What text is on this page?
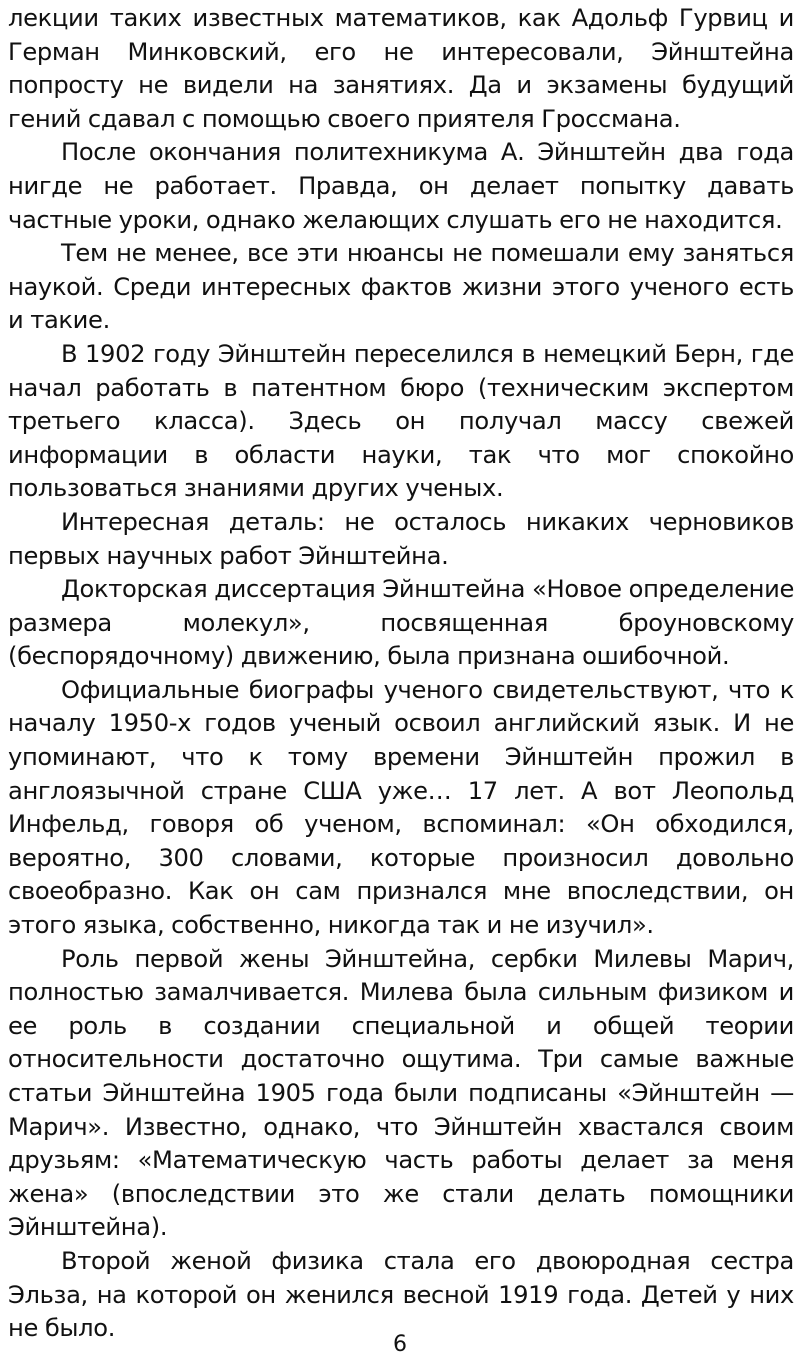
лекции таких известных математиков, как Адольф Гурвиц и Герман Минковский, его не интересовали, Эйнштейна попросту не видели на занятиях. Да и экзамены будущий гений сдавал с помощью своего приятеля Гроссмана.

После окончания политехникума А. Эйнштейн два года нигде не работает. Правда, он делает попытку давать частные уроки, однако желающих слушать его не находится.

Тем не менее, все эти нюансы не помешали ему заняться наукой. Среди интересных фактов жизни этого ученого есть и такие.

В 1902 году Эйнштейн переселился в немецкий Берн, где начал работать в патентном бюро (техническим экспертом третьего класса). Здесь он получал массу свежей информации в области науки, так что мог спокойно пользоваться знаниями других ученых.

Интересная деталь: не осталось никаких черновиков первых научных работ Эйнштейна.

Докторская диссертация Эйнштейна «Новое определение размера молекул», посвященная броуновскому (беспорядочному) движению, была признана ошибочной.

Официальные биографы ученого свидетельствуют, что к началу 1950-х годов ученый освоил английский язык. И не упоминают, что к тому времени Эйнштейн прожил в англоязычной стране США уже… 17 лет. А вот Леопольд Инфельд, говоря об ученом, вспоминал: «Он обходился, вероятно, 300 словами, которые произносил довольно своеобразно. Как он сам признался мне впоследствии, он этого языка, собственно, никогда так и не изучил».

Роль первой жены Эйнштейна, сербки Милевы Марич, полностью замалчивается. Милева была сильным физиком и ее роль в создании специальной и общей теории относительности достаточно ощутима. Три самые важные статьи Эйнштейна 1905 года были подписаны «Эйнштейн — Марич». Известно, однако, что Эйнштейн хвастался своим друзьям: «Математическую часть работы делает за меня жена» (впоследствии это же стали делать помощники Эйнштейна).

Второй женой физика стала его двоюродная сестра Эльза, на которой он женился весной 1919 года. Детей у них не было.

6
